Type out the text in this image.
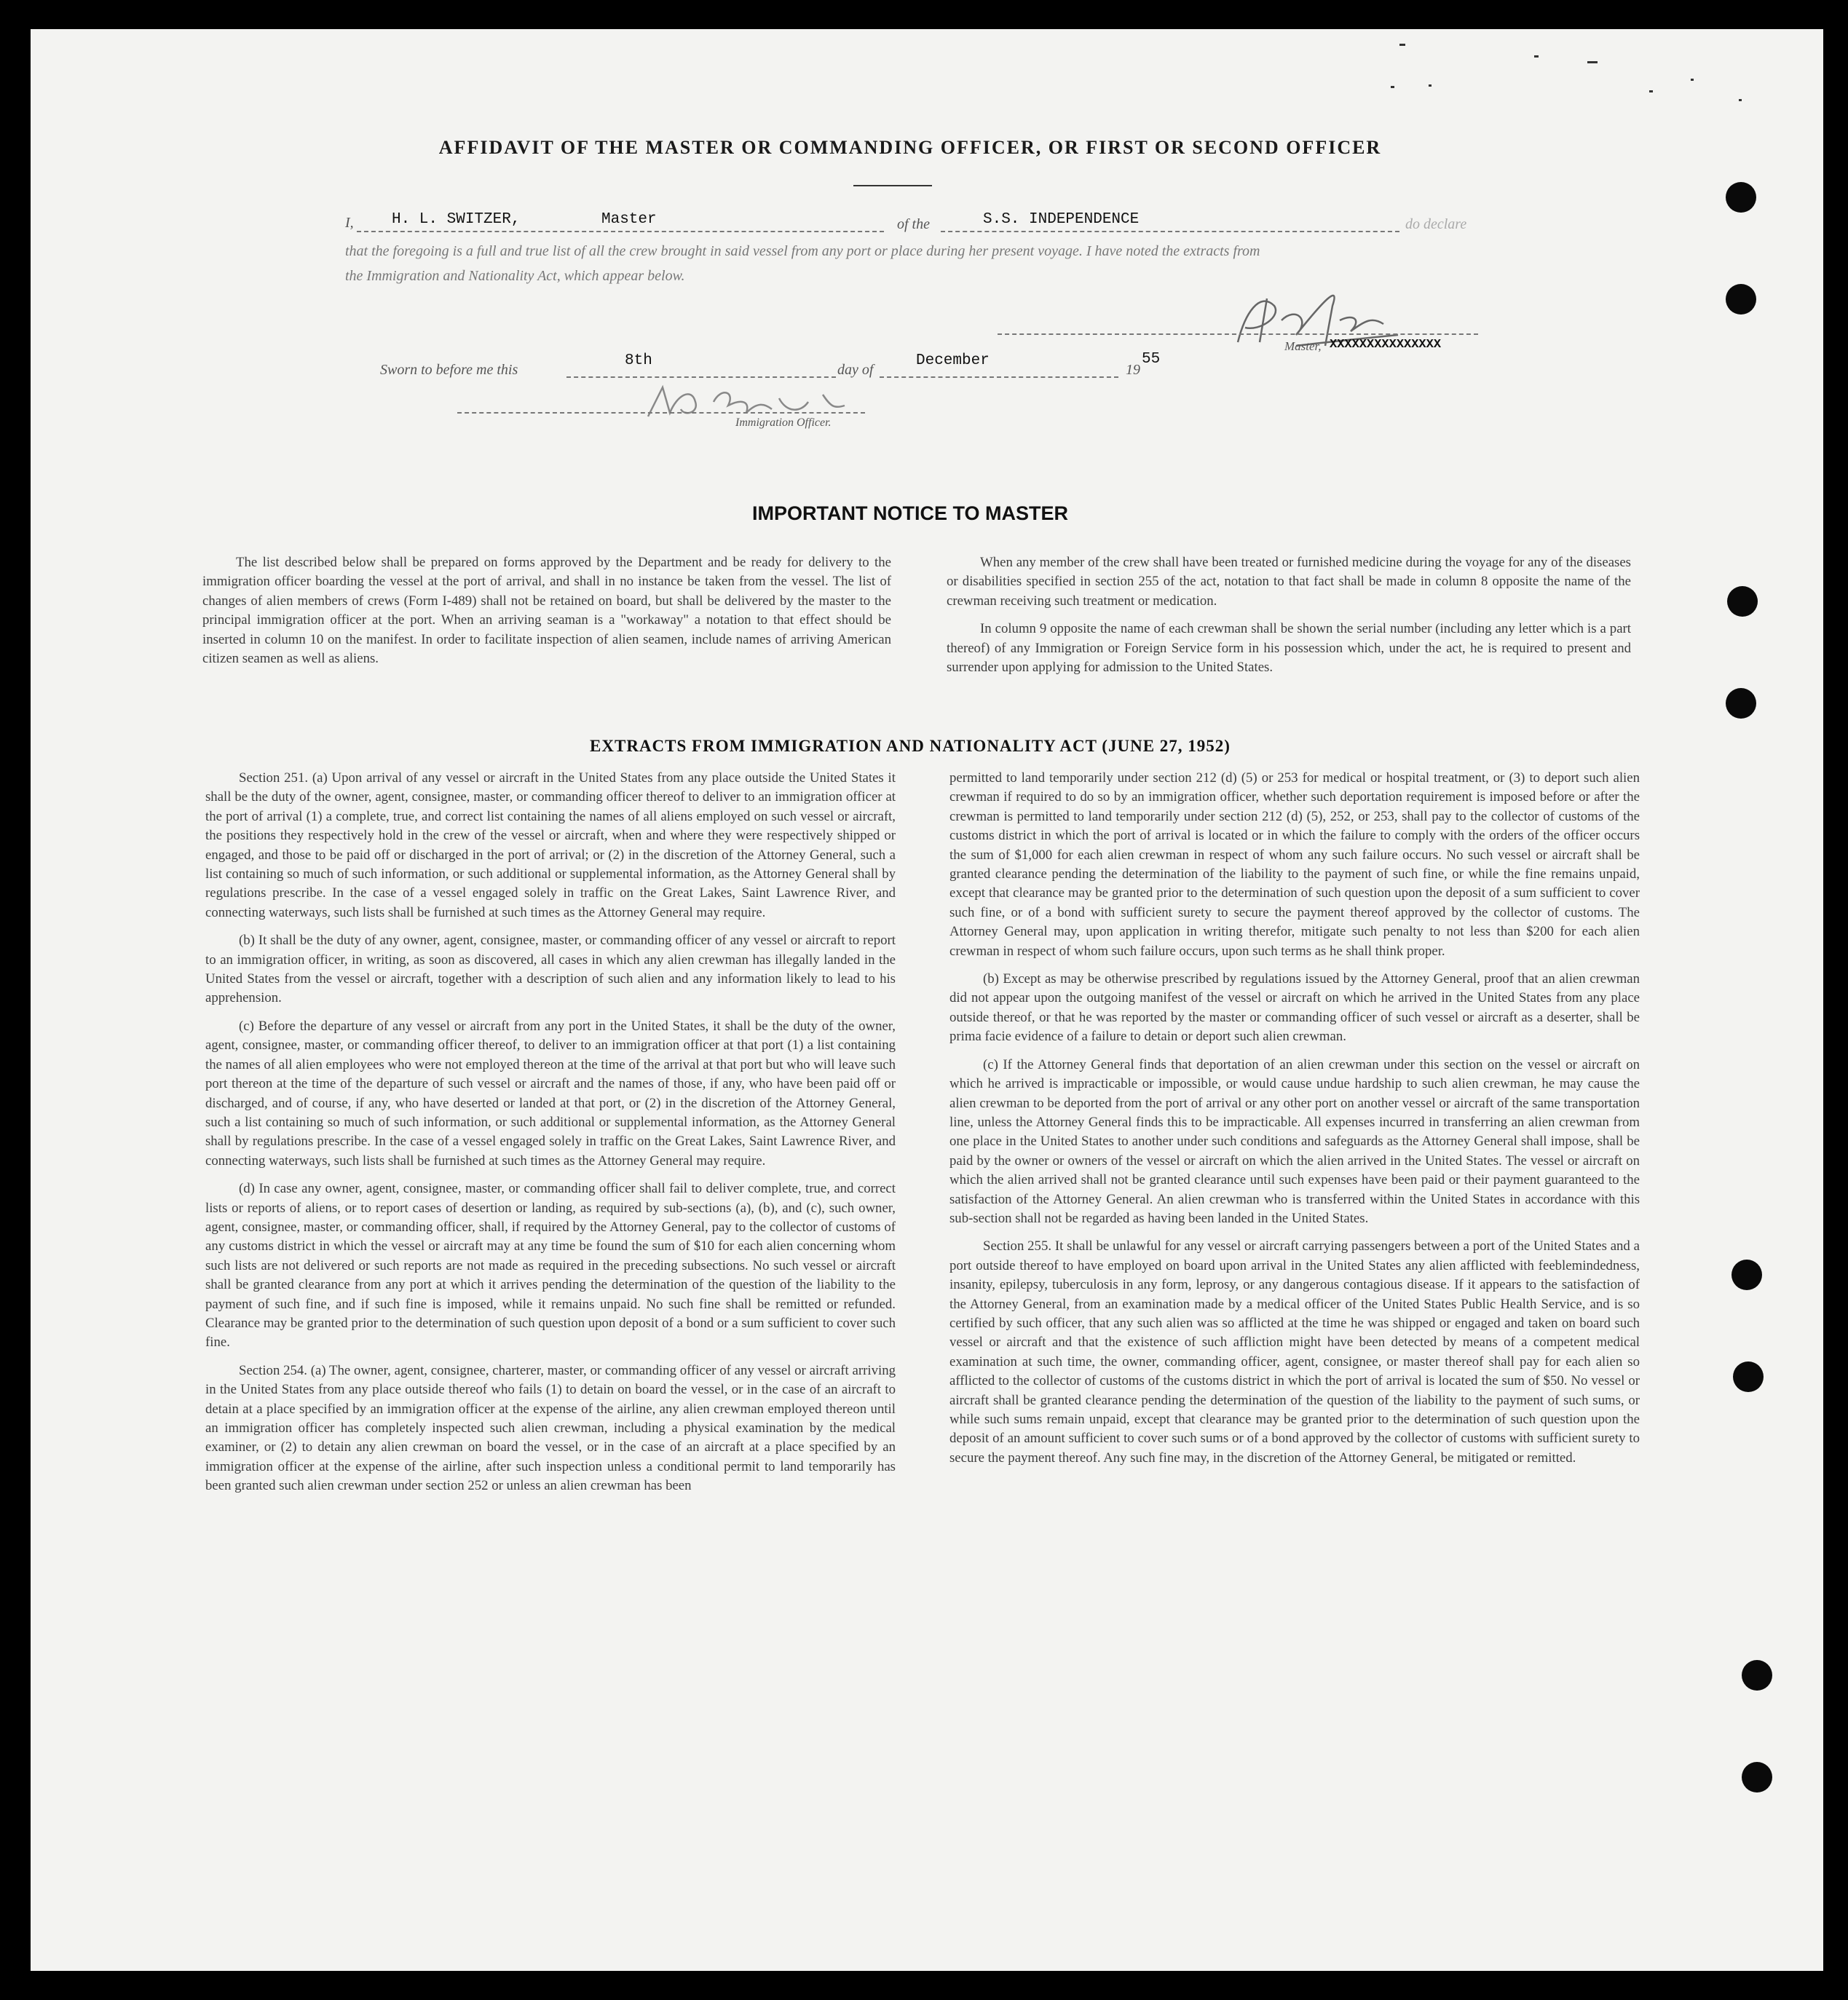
AFFIDAVIT OF THE MASTER OR COMMANDING OFFICER, OR FIRST OR SECOND OFFICER
I, H. L. SWITZER,	Master	of the	S.S. INDEPENDENCE	do declare
that the foregoing is a full and true list of all the crew brought in said vessel from any port or place during her present voyage. I have noted the extracts from
the Immigration and Nationality Act, which appear below.
Master, XXXXXXXXXXXXXXX
Sworn to before me this
8th
day of
December
19
55
Immigration Officer.
IMPORTANT NOTICE TO MASTER

The list described below shall be prepared on forms approved by the Department and be ready for delivery to the immigration officer boarding the vessel at the port of arrival, and shall in no instance be taken from the vessel. The list of changes of alien members of crews (Form I-489) shall not be retained on board, but shall be delivered by the master to the principal immigration officer at the port. When an arriving seaman is a "workaway" a notation to that effect should be inserted in column 10 on the manifest. In order to facilitate inspection of alien seamen, include names of arriving American citizen seamen as well as aliens.

When any member of the crew shall have been treated or furnished medicine during the voyage for any of the diseases or disabilities specified in section 255 of the act, notation to that fact shall be made in column 8 opposite the name of the crewman receiving such treatment or medication.

In column 9 opposite the name of each crewman shall be shown the serial number (including any letter which is a part thereof) of any Immigration or Foreign Service form in his possession which, under the act, he is required to present and surrender upon applying for admission to the United States.

EXTRACTS FROM IMMIGRATION AND NATIONALITY ACT (JUNE 27, 1952)

Section 251. (a) Upon arrival of any vessel or aircraft in the United States from any place outside the United States it shall be the duty of the owner, agent, consignee, master, or commanding officer thereof to deliver to an immigration officer at the port of arrival (1) a complete, true, and correct list containing the names of all aliens employed on such vessel or aircraft, the positions they respectively hold in the crew of the vessel or aircraft, when and where they were respectively shipped or engaged, and those to be paid off or discharged in the port of arrival; or (2) in the discretion of the Attorney General, such a list containing so much of such information, or such additional or supplemental information, as the Attorney General shall by regulations prescribe. In the case of a vessel engaged solely in traffic on the Great Lakes, Saint Lawrence River, and connecting waterways, such lists shall be furnished at such times as the Attorney General may require.

(b) It shall be the duty of any owner, agent, consignee, master, or commanding officer of any vessel or aircraft to report to an immigration officer, in writing, as soon as discovered, all cases in which any alien crewman has illegally landed in the United States from the vessel or aircraft, together with a description of such alien and any information likely to lead to his apprehension.

(c) Before the departure of any vessel or aircraft from any port in the United States, it shall be the duty of the owner, agent, consignee, master, or commanding officer thereof, to deliver to an immigration officer at that port (1) a list containing the names of all alien employees who were not employed thereon at the time of the arrival at that port but who will leave such port thereon at the time of the departure of such vessel or aircraft and the names of those, if any, who have been paid off or discharged, and of course, if any, who have deserted or landed at that port, or (2) in the discretion of the Attorney General, such a list containing so much of such information, or such additional or supplemental information, as the Attorney General shall by regulations prescribe. In the case of a vessel engaged solely in traffic on the Great Lakes, Saint Lawrence River, and connecting waterways, such lists shall be furnished at such times as the Attorney General may require.

(d) In case any owner, agent, consignee, master, or commanding officer shall fail to deliver complete, true, and correct lists or reports of aliens, or to report cases of desertion or landing, as required by sub-sections (a), (b), and (c), such owner, agent, consignee, master, or commanding officer, shall, if required by the Attorney General, pay to the collector of customs of any customs district in which the vessel or aircraft may at any time be found the sum of $10 for each alien concerning whom such lists are not delivered or such reports are not made as required in the preceding subsections. No such vessel or aircraft shall be granted clearance from any port at which it arrives pending the determination of the question of the liability to the payment of such fine, and if such fine is imposed, while it remains unpaid. No such fine shall be remitted or refunded. Clearance may be granted prior to the determination of such question upon deposit of a bond or a sum sufficient to cover such fine.

Section 254. (a) The owner, agent, consignee, charterer, master, or commanding officer of any vessel or aircraft arriving in the United States from any place outside thereof who fails (1) to detain on board the vessel, or in the case of an aircraft to detain at a place specified by an immigration officer at the expense of the airline, any alien crewman employed thereon until an immigration officer has completely inspected such alien crewman, including a physical examination by the medical examiner, or (2) to detain any alien crewman on board the vessel, or in the case of an aircraft at a place specified by an immigration officer at the expense of the airline, after such inspection unless a conditional permit to land temporarily has been granted such alien crewman under section 252 or unless an alien crewman has been

permitted to land temporarily under section 212 (d) (5) or 253 for medical or hospital treatment, or (3) to deport such alien crewman if required to do so by an immigration officer, whether such deportation requirement is imposed before or after the crewman is permitted to land temporarily under section 212 (d) (5), 252, or 253, shall pay to the collector of customs of the customs district in which the port of arrival is located or in which the failure to comply with the orders of the officer occurs the sum of $1,000 for each alien crewman in respect of whom any such failure occurs. No such vessel or aircraft shall be granted clearance pending the determination of the liability to the payment of such fine, or while the fine remains unpaid, except that clearance may be granted prior to the determination of such question upon the deposit of a sum sufficient to cover such fine, or of a bond with sufficient surety to secure the payment thereof approved by the collector of customs. The Attorney General may, upon application in writing therefor, mitigate such penalty to not less than $200 for each alien crewman in respect of whom such failure occurs, upon such terms as he shall think proper.

(b) Except as may be otherwise prescribed by regulations issued by the Attorney General, proof that an alien crewman did not appear upon the outgoing manifest of the vessel or aircraft on which he arrived in the United States from any place outside thereof, or that he was reported by the master or commanding officer of such vessel or aircraft as a deserter, shall be prima facie evidence of a failure to detain or deport such alien crewman.

(c) If the Attorney General finds that deportation of an alien crewman under this section on the vessel or aircraft on which he arrived is impracticable or impossible, or would cause undue hardship to such alien crewman, he may cause the alien crewman to be deported from the port of arrival or any other port on another vessel or aircraft of the same transportation line, unless the Attorney General finds this to be impracticable. All expenses incurred in transferring an alien crewman from one place in the United States to another under such conditions and safeguards as the Attorney General shall impose, shall be paid by the owner or owners of the vessel or aircraft on which the alien arrived in the United States. The vessel or aircraft on which the alien arrived shall not be granted clearance until such expenses have been paid or their payment guaranteed to the satisfaction of the Attorney General. An alien crewman who is transferred within the United States in accordance with this sub-section shall not be regarded as having been landed in the United States.

Section 255. It shall be unlawful for any vessel or aircraft carrying passengers between a port of the United States and a port outside thereof to have employed on board upon arrival in the United States any alien afflicted with feeblemindedness, insanity, epilepsy, tuberculosis in any form, leprosy, or any dangerous contagious disease. If it appears to the satisfaction of the Attorney General, from an examination made by a medical officer of the United States Public Health Service, and is so certified by such officer, that any such alien was so afflicted at the time he was shipped or engaged and taken on board such vessel or aircraft and that the existence of such affliction might have been detected by means of a competent medical examination at such time, the owner, commanding officer, agent, consignee, or master thereof shall pay for each alien so afflicted to the collector of customs of the customs district in which the port of arrival is located the sum of $50. No vessel or aircraft shall be granted clearance pending the determination of the question of the liability to the payment of such sums, or while such sums remain unpaid, except that clearance may be granted prior to the determination of such question upon the deposit of an amount sufficient to cover such sums or of a bond approved by the collector of customs with sufficient surety to secure the payment thereof. Any such fine may, in the discretion of the Attorney General, be mitigated or remitted.
